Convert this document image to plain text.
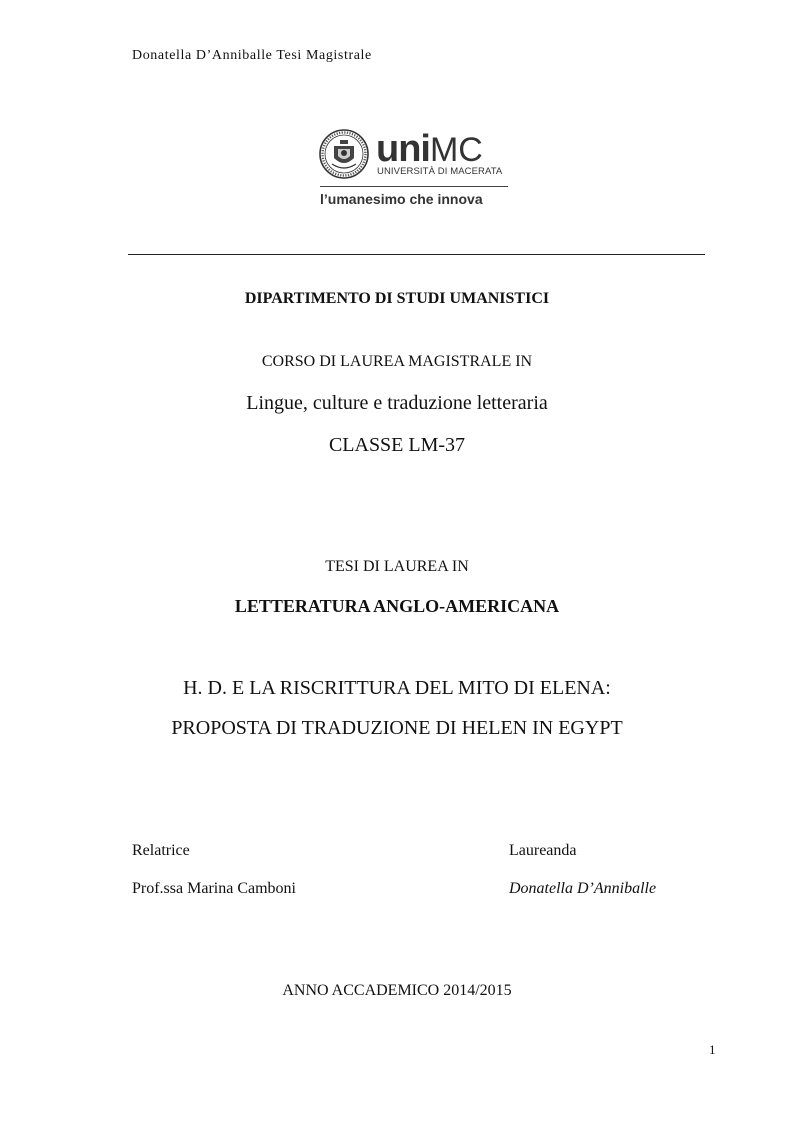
Donatella D’Anniballe Tesi Magistrale
uniMC
UNIVERSITÀ DI MACERATA
l’umanesimo che innova
DIPARTIMENTO DI STUDI UMANISTICI
CORSO DI LAUREA MAGISTRALE IN
Lingue, culture e traduzione letteraria
CLASSE LM-37
TESI DI LAUREA IN
LETTERATURA ANGLO-AMERICANA
H. D. E LA RISCRITTURA DEL MITO DI ELENA:
PROPOSTA DI TRADUZIONE DI HELEN IN EGYPT
Relatrice
Prof.ssa Marina Camboni
Laureanda
Donatella D’Anniballe
ANNO ACCADEMICO 2014/2015
1
